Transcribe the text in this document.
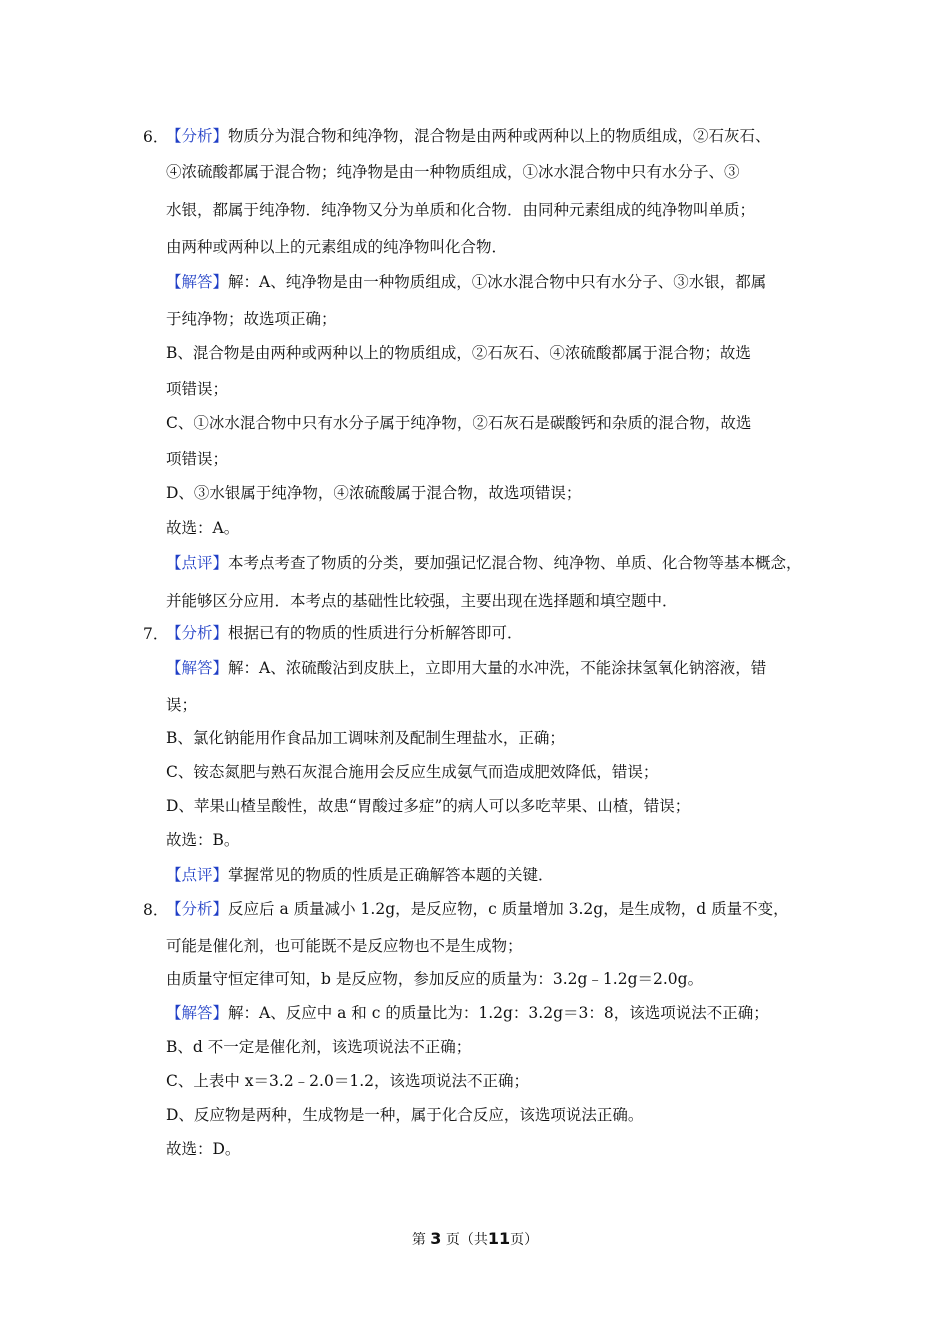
6．
【分析】物质分为混合物和纯净物，混合物是由两种或两种以上的物质组成，②石灰石、
④浓硫酸都属于混合物；纯净物是由一种物质组成，①冰水混合物中只有水分子、③
水银，都属于纯净物．纯净物又分为单质和化合物．由同种元素组成的纯净物叫单质；
由两种或两种以上的元素组成的纯净物叫化合物．
【解答】解：A、纯净物是由一种物质组成，①冰水混合物中只有水分子、③水银，都属
于纯净物；故选项正确；
B、混合物是由两种或两种以上的物质组成，②石灰石、④浓硫酸都属于混合物；故选
项错误；
C、①冰水混合物中只有水分子属于纯净物，②石灰石是碳酸钙和杂质的混合物，故选
项错误；
D、③水银属于纯净物，④浓硫酸属于混合物，故选项错误；
故选：A。
【点评】本考点考查了物质的分类，要加强记忆混合物、纯净物、单质、化合物等基本概念，
并能够区分应用．本考点的基础性比较强，主要出现在选择题和填空题中．
7．
【分析】根据已有的物质的性质进行分析解答即可．
【解答】解：A、浓硫酸沾到皮肤上，立即用大量的水冲洗，不能涂抹氢氧化钠溶液，错
误；
B、氯化钠能用作食品加工调味剂及配制生理盐水，正确；
C、铵态氮肥与熟石灰混合施用会反应生成氨气而造成肥效降低，错误；
D、苹果山楂呈酸性，故患“胃酸过多症”的病人可以多吃苹果、山楂，错误；
故选：B。
【点评】掌握常见的物质的性质是正确解答本题的关键．
8．
【分析】反应后 a 质量减小 1.2g，是反应物，c 质量增加 3.2g，是生成物，d 质量不变，
可能是催化剂，也可能既不是反应物也不是生成物；
由质量守恒定律可知，b 是反应物，参加反应的质量为：3.2g﹣1.2g＝2.0g。
【解答】解：A、反应中 a 和 c 的质量比为：1.2g：3.2g＝3：8，该选项说法不正确；
B、d 不一定是催化剂，该选项说法不正确；
C、上表中 x＝3.2﹣2.0＝1.2，该选项说法不正确；
D、反应物是两种，生成物是一种，属于化合反应，该选项说法正确。
故选：D。
第 3 页（共11页）
